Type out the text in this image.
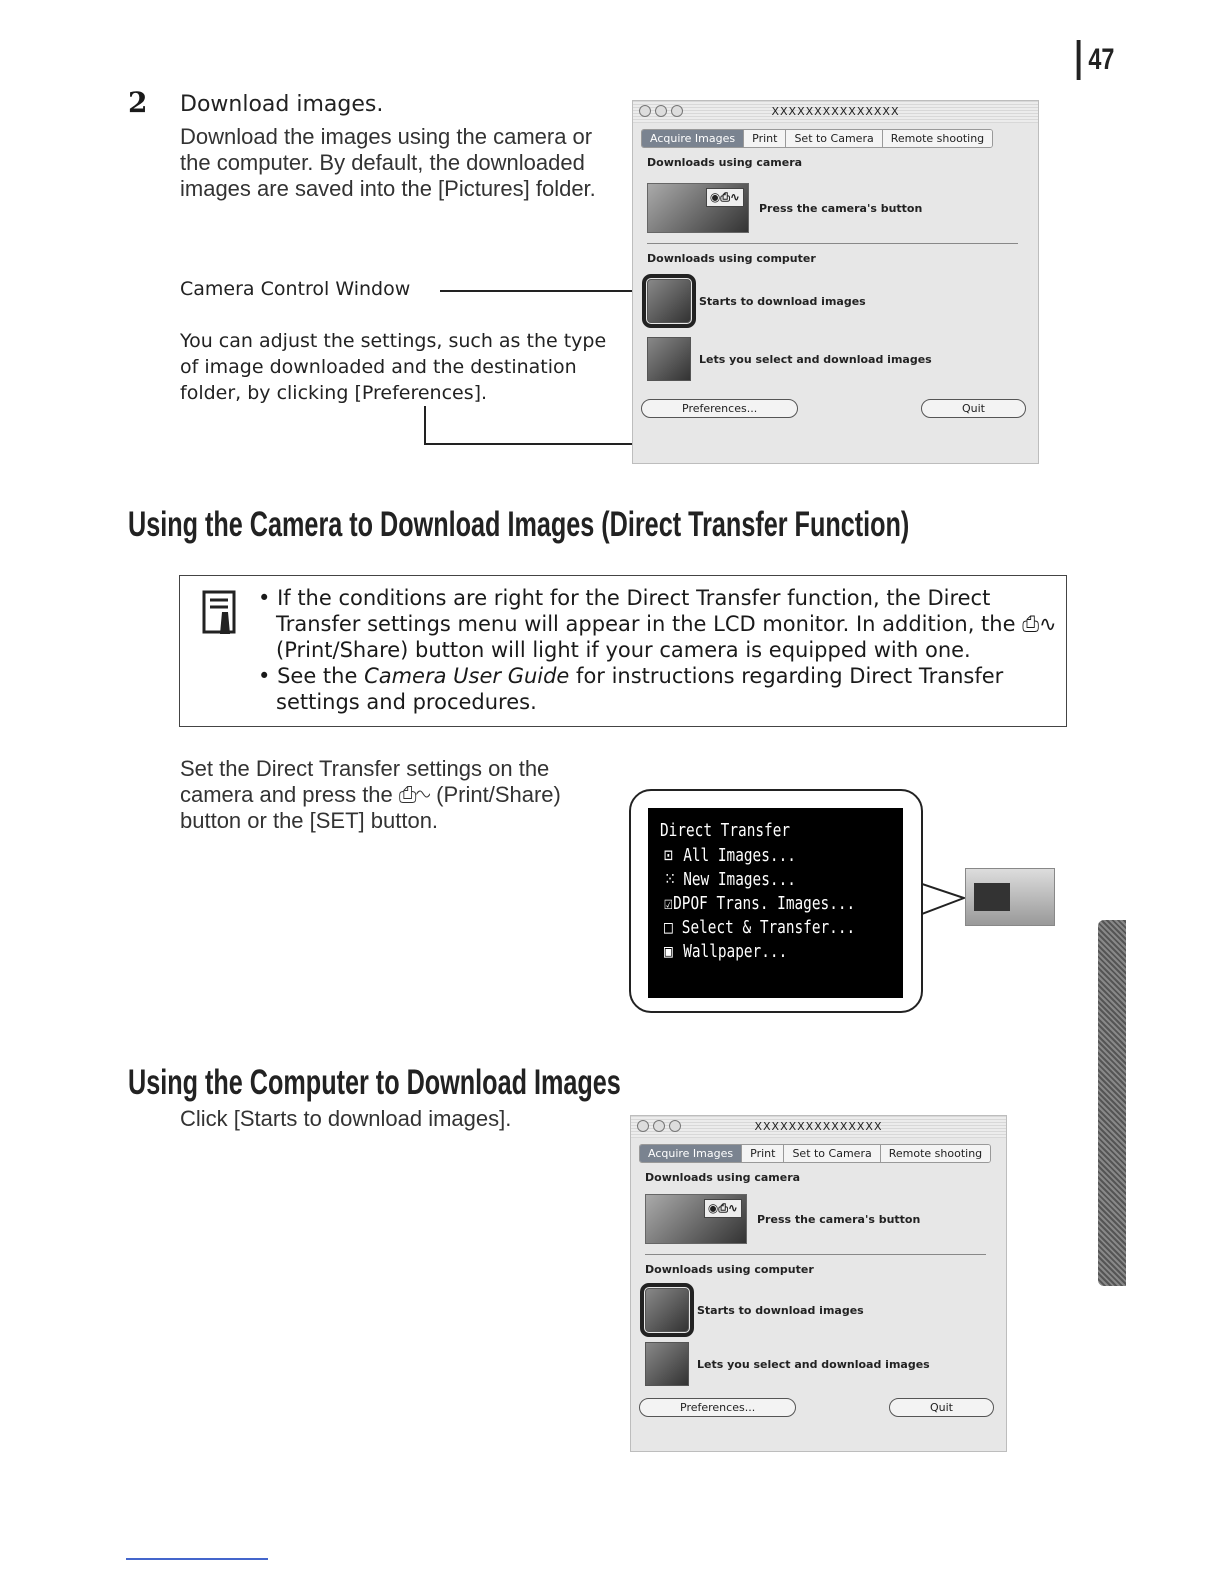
47
2 Download images.
Download the images using the camera or the computer. By default, the downloaded images are saved into the [Pictures] folder.
Camera Control Window
You can adjust the settings, such as the type of image downloaded and the destination folder, by clicking [Preferences].
XXXXXXXXXXXXXXX
Acquire Images	Print	Set to Camera	Remote shooting
Downloads using camera
◉⎙∿
Press the camera's button
Downloads using computer
Starts to download images
Lets you select and download images
Preferences...	Quit
Using the Camera to Download Images (Direct Transfer Function)
• If the conditions are right for the Direct Transfer function, the Direct Transfer settings menu will appear in the LCD monitor. In addition, the ⎙∿ (Print/Share) button will light if your camera is equipped with one.
• See the Camera User Guide for instructions regarding Direct Transfer settings and procedures.
Set the Direct Transfer settings on the camera and press the ⎙∿ (Print/Share) button or the [SET] button.	Direct Transfer
⊡ All Images...
⁙ New Images...
☑ DPOF Trans. Images...
□ Select & Transfer...
▣ Wallpaper...
Using the Computer to Download Images
Click [Starts to download images].	XXXXXXXXXXXXXXX
Acquire Images	Print	Set to Camera	Remote shooting
Downloads using camera
◉⎙∿
Press the camera's button
Downloads using computer
Starts to download images
Lets you select and download images
Preferences...	Quit
